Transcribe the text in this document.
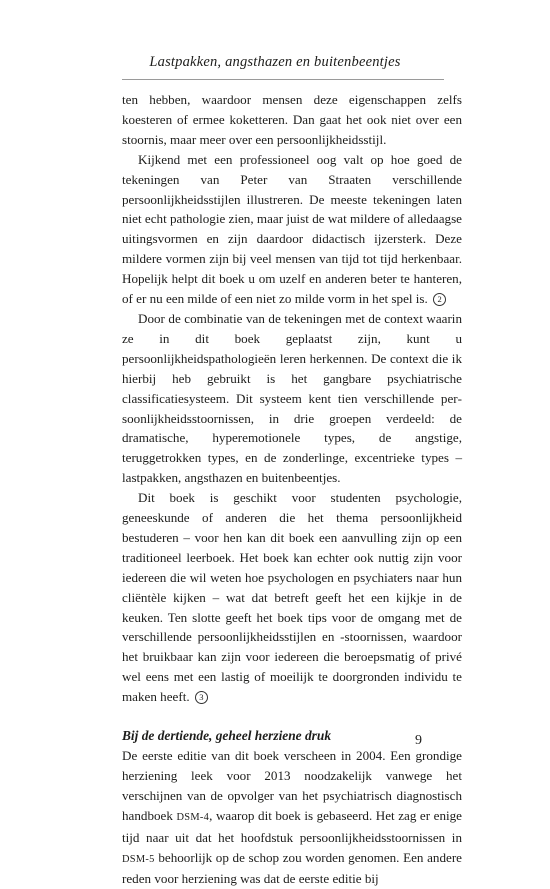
Lastpakken, angsthazen en buitenbeentjes

ten hebben, waardoor mensen deze eigenschappen zelfs koesteren of ermee koketteren. Dan gaat het ook niet over een stoornis, maar meer over een persoonlijkheidsstijl.

Kijkend met een professioneel oog valt op hoe goed de tekeningen van Peter van Straaten verschillende persoonlijkheidsstijlen illustreren. De meeste tekeningen laten niet echt pathologie zien, maar juist de wat mildere of alledaagse uitingsvormen en zijn daardoor didactisch ijzersterk. Deze mildere vormen zijn bij veel mensen van tijd tot tijd herkenbaar. Hopelijk helpt dit boek u om uzelf en anderen beter te hanteren, of er nu een milde of een niet zo milde vorm in het spel is. 2

Door de combinatie van de tekeningen met de context waarin ze in dit boek geplaatst zijn, kunt u persoonlijkheidspathologieën leren herkennen. De context die ik hierbij heb gebruikt is het gangbare psychiatrische classificatiesysteem. Dit systeem kent tien verschillende persoonlijkheidsstoornissen, in drie groepen verdeeld: de dramatische, hyperemotionele types, de angstige, teruggetrokken types, en de zonderlinge, excentrieke types – lastpakken, angsthazen en buitenbeentjes.

Dit boek is geschikt voor studenten psychologie, geneeskunde of anderen die het thema persoonlijkheid bestuderen – voor hen kan dit boek een aanvulling zijn op een traditioneel leerboek. Het boek kan echter ook nuttig zijn voor iedereen die wil weten hoe psychologen en psychiaters naar hun cliëntèle kijken – wat dat betreft geeft het een kijkje in de keuken. Ten slotte geeft het boek tips voor de omgang met de verschillende persoonlijkheidsstijlen en -stoornissen, waardoor het bruikbaar kan zijn voor iedereen die beroepsmatig of privé wel eens met een lastig of moeilijk te doorgronden individu te maken heeft. 3

Bij de dertiende, geheel herziene druk

De eerste editie van dit boek verscheen in 2004. Een grondige herziening leek voor 2013 noodzakelijk vanwege het verschijnen van de opvolger van het psychiatrisch diagnostisch handboek DSM-4, waarop dit boek is gebaseerd. Het zag er enige tijd naar uit dat het hoofdstuk persoonlijkheidsstoornissen in DSM-5 behoorlijk op de schop zou worden genomen. Een andere reden voor herziening was dat de eerste editie bij

9
